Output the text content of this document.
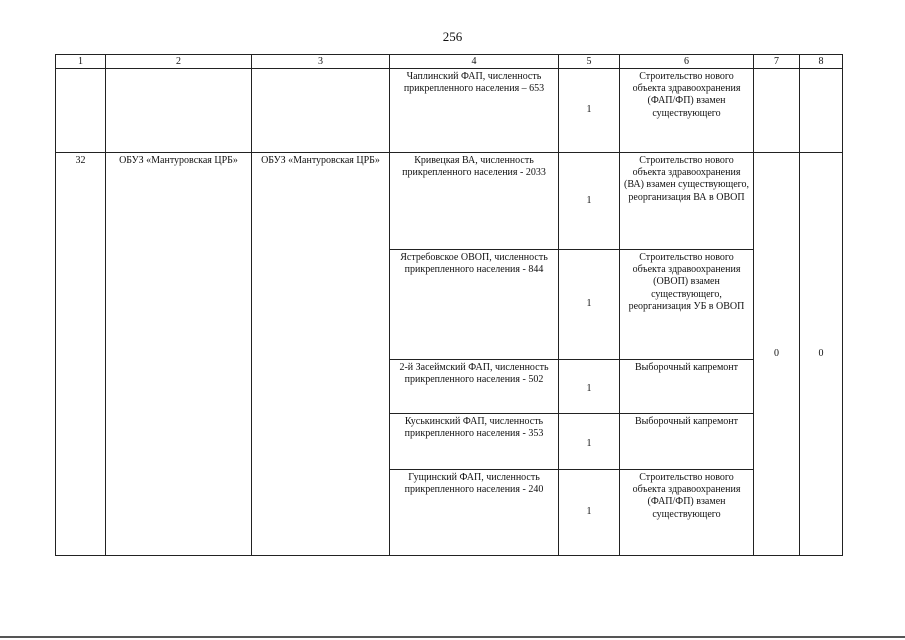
256
1	2	3	4	5	6	7	8
			Чаплинский ФАП, численность прикрепленного населения – 653	1	Строительство нового объекта здравоохранения (ФАП/ФП) взамен существующего		
32	ОБУЗ «Мантуровская ЦРБ»	ОБУЗ «Мантуровская ЦРБ»	Кривецкая ВА, численность прикрепленного населения - 2033	1	Строительство нового объекта здравоохранения (ВА) взамен существующего, реорганизация ВА в ОВОП	0	0
			Ястребовское ОВОП, численность прикрепленного населения - 844	1	Строительство нового объекта здравоохранения (ОВОП) взамен существующего, реорганизация УБ в ОВОП		
			2-й Засеймский ФАП, численность прикрепленного населения - 502	1	Выборочный капремонт		
			Куськинский ФАП, численность прикрепленного населения - 353	1	Выборочный капремонт		
			Гущинский ФАП, численность прикрепленного населения - 240	1	Строительство нового объекта здравоохранения (ФАП/ФП) взамен существующего		
